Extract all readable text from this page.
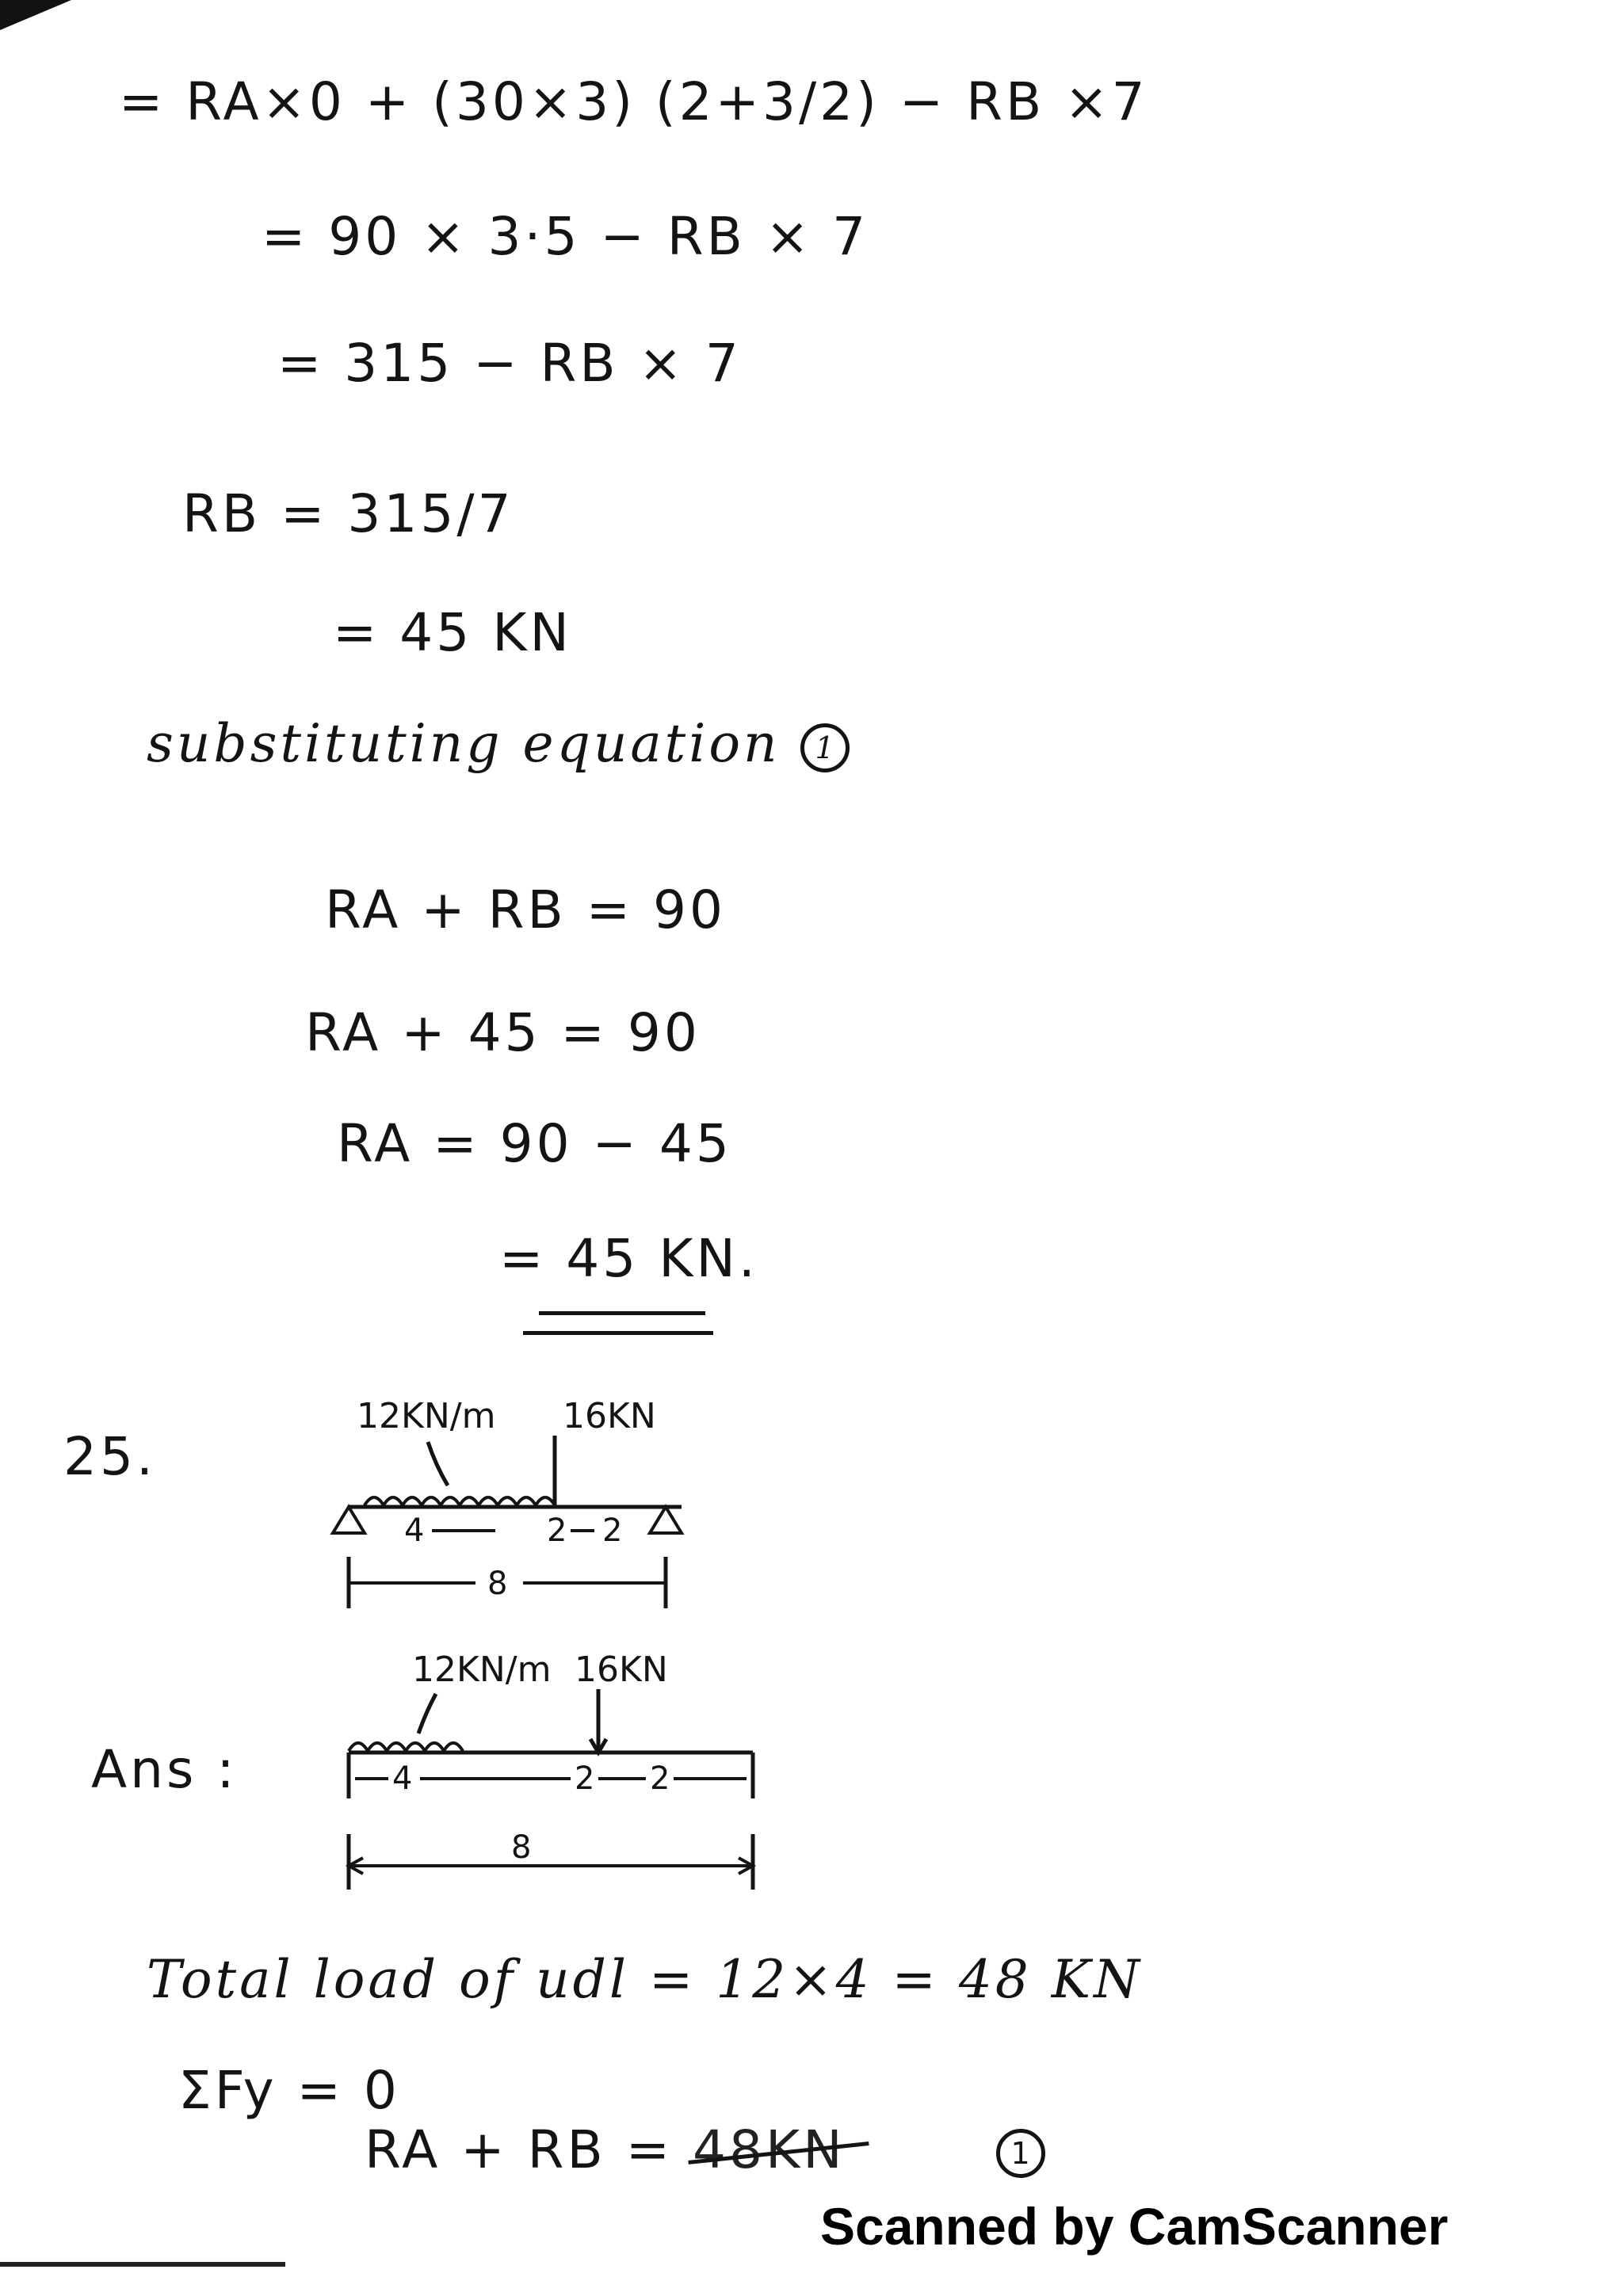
= RA×0 + (30×3) (2+3/2) − RB ×7
= 90 × 3·5 − RB × 7
= 315 − RB × 7
RB = 315/7
= 45 KN
substituting equation 1
RA + RB = 90
RA + 45 = 90
RA = 90 − 45
= 45 KN.
25.
12KN/m 16KN
4	2 2
8
Ans :
12KN/m 16KN
4	2 2
8
Total load of udl = 12×4 = 48 KN
ΣFy = 0
RA + RB = 48KN	1
Scanned by CamScanner
